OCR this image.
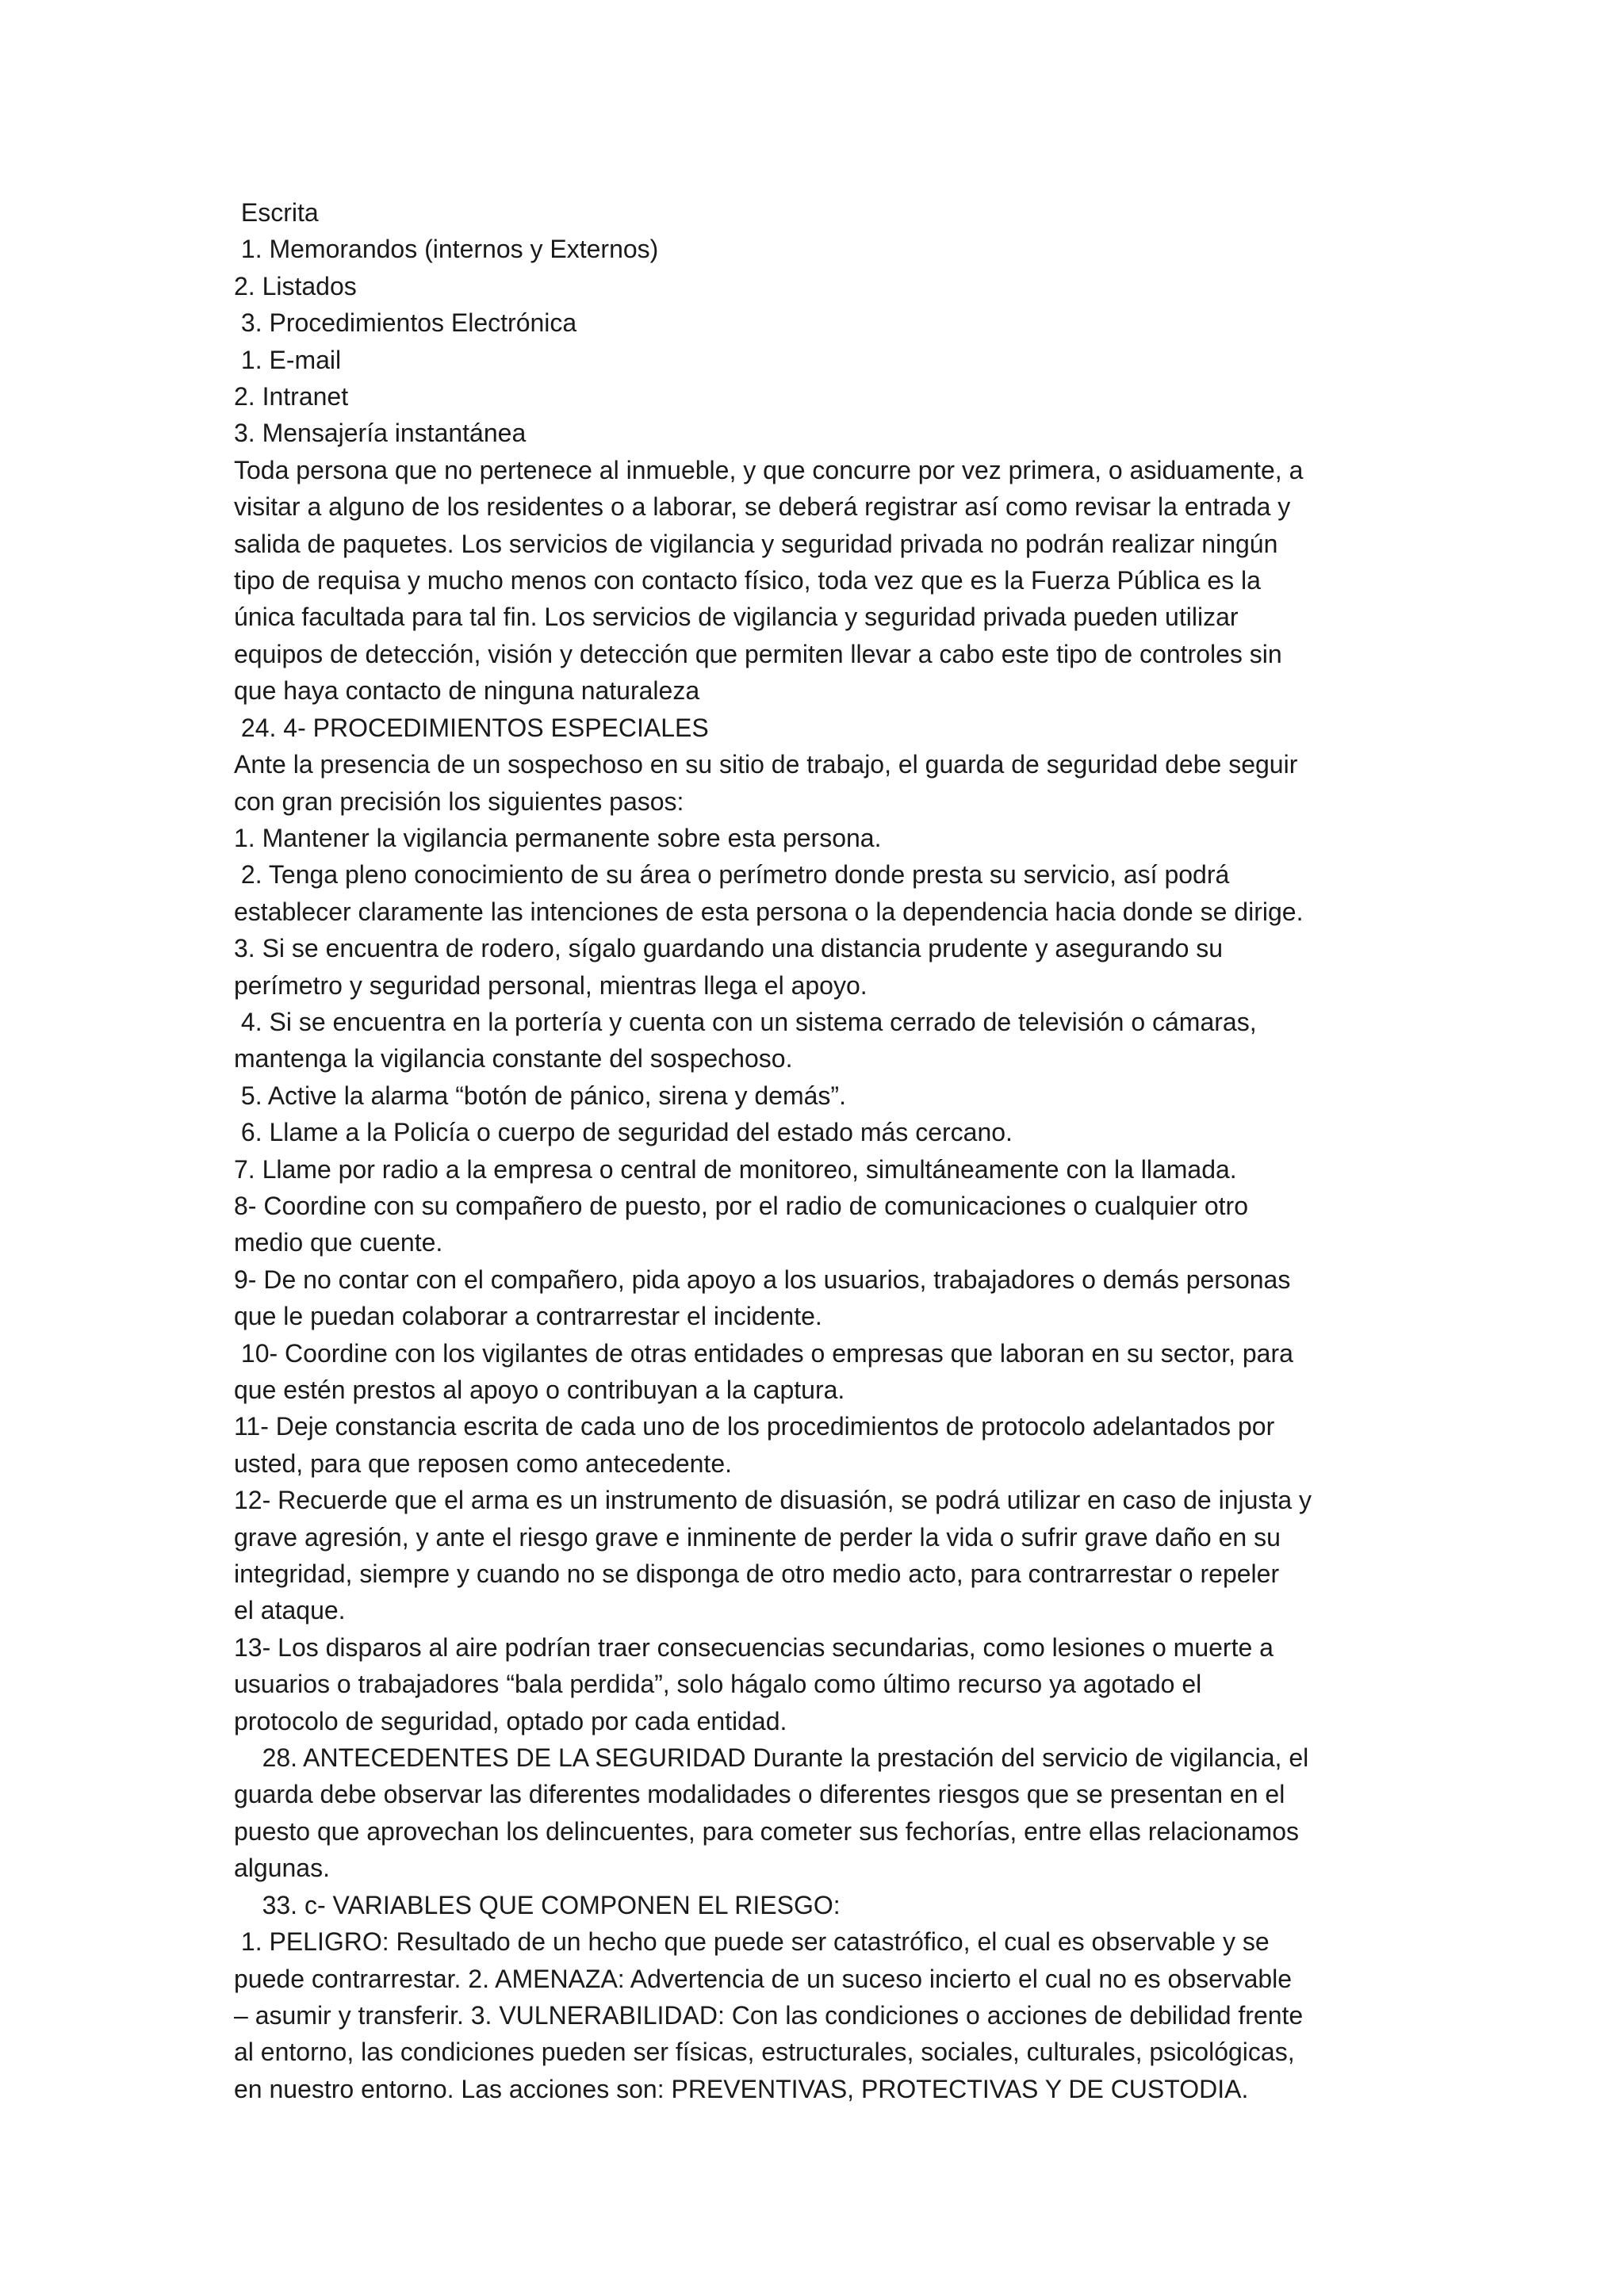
Escrita
1. Memorandos (internos y Externos)
2. Listados
3. Procedimientos Electrónica
1. E-mail
2. Intranet
3. Mensajería instantánea
Toda persona que no pertenece al inmueble, y que concurre por vez primera, o asiduamente, a
visitar a alguno de los residentes o a laborar, se deberá registrar así como revisar la entrada y
salida de paquetes. Los servicios de vigilancia y seguridad privada no podrán realizar ningún
tipo de requisa y mucho menos con contacto físico, toda vez que es la Fuerza Pública es la
única facultada para tal fin. Los servicios de vigilancia y seguridad privada pueden utilizar
equipos de detección, visión y detección que permiten llevar a cabo este tipo de controles sin
que haya contacto de ninguna naturaleza
24. 4- PROCEDIMIENTOS ESPECIALES
Ante la presencia de un sospechoso en su sitio de trabajo, el guarda de seguridad debe seguir
con gran precisión los siguientes pasos:
1. Mantener la vigilancia permanente sobre esta persona.
2. Tenga pleno conocimiento de su área o perímetro donde presta su servicio, así podrá
establecer claramente las intenciones de esta persona o la dependencia hacia donde se dirige.
3. Si se encuentra de rodero, sígalo guardando una distancia prudente y asegurando su
perímetro y seguridad personal, mientras llega el apoyo.
4. Si se encuentra en la portería y cuenta con un sistema cerrado de televisión o cámaras,
mantenga la vigilancia constante del sospechoso.
5. Active la alarma “botón de pánico, sirena y demás”.
6. Llame a la Policía o cuerpo de seguridad del estado más cercano.
7. Llame por radio a la empresa o central de monitoreo, simultáneamente con la llamada.
8- Coordine con su compañero de puesto, por el radio de comunicaciones o cualquier otro
medio que cuente.
9- De no contar con el compañero, pida apoyo a los usuarios, trabajadores o demás personas
que le puedan colaborar a contrarrestar el incidente.
10- Coordine con los vigilantes de otras entidades o empresas que laboran en su sector, para
que estén prestos al apoyo o contribuyan a la captura.
11- Deje constancia escrita de cada uno de los procedimientos de protocolo adelantados por
usted, para que reposen como antecedente.
12- Recuerde que el arma es un instrumento de disuasión, se podrá utilizar en caso de injusta y
grave agresión, y ante el riesgo grave e inminente de perder la vida o sufrir grave daño en su
integridad, siempre y cuando no se disponga de otro medio acto, para contrarrestar o repeler
el ataque.
13- Los disparos al aire podrían traer consecuencias secundarias, como lesiones o muerte a
usuarios o trabajadores “bala perdida”, solo hágalo como último recurso ya agotado el
protocolo de seguridad, optado por cada entidad.
28. ANTECEDENTES DE LA SEGURIDAD Durante la prestación del servicio de vigilancia, el
guarda debe observar las diferentes modalidades o diferentes riesgos que se presentan en el
puesto que aprovechan los delincuentes, para cometer sus fechorías, entre ellas relacionamos
algunas.
33. c- VARIABLES QUE COMPONEN EL RIESGO:
1. PELIGRO: Resultado de un hecho que puede ser catastrófico, el cual es observable y se
puede contrarrestar. 2. AMENAZA: Advertencia de un suceso incierto el cual no es observable
– asumir y transferir. 3. VULNERABILIDAD: Con las condiciones o acciones de debilidad frente
al entorno, las condiciones pueden ser físicas, estructurales, sociales, culturales, psicológicas,
en nuestro entorno. Las acciones son: PREVENTIVAS, PROTECTIVAS Y DE CUSTODIA.
